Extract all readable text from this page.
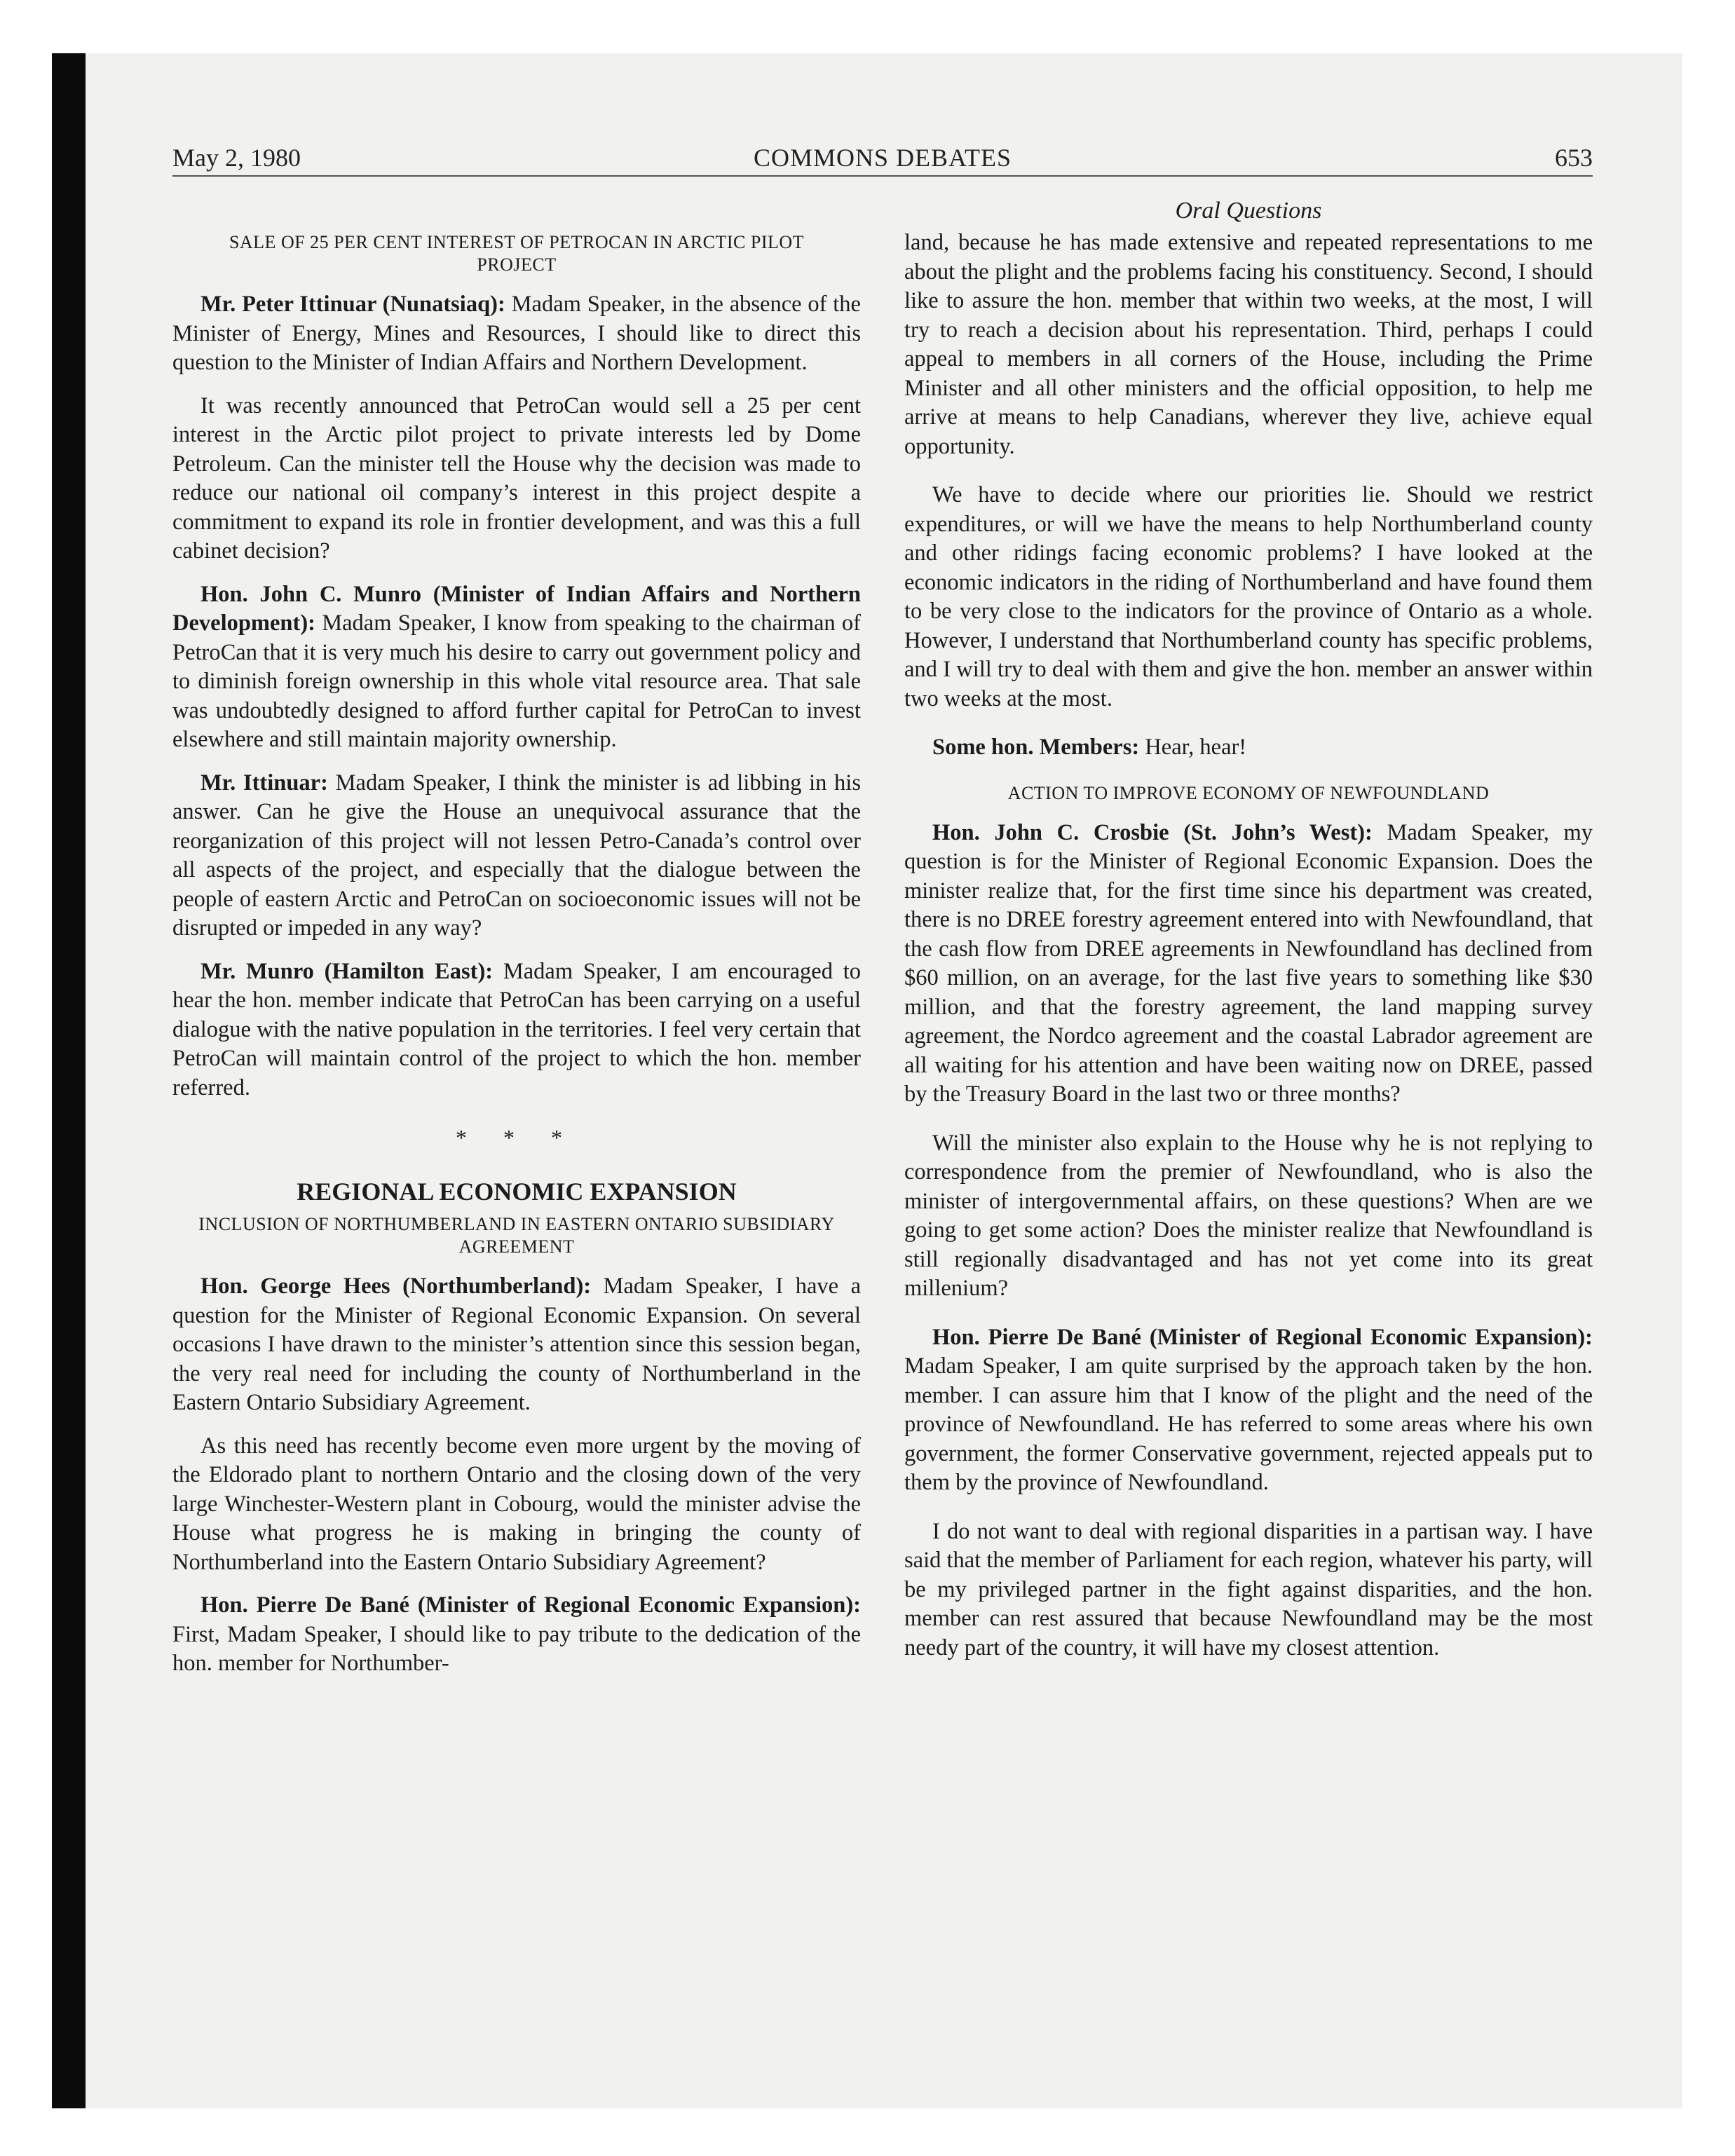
May 2, 1980	COMMONS DEBATES	653
Oral Questions
SALE OF 25 PER CENT INTEREST OF PETROCAN IN ARCTIC PILOT PROJECT

Mr. Peter Ittinuar (Nunatsiaq): Madam Speaker, in the absence of the Minister of Energy, Mines and Resources, I should like to direct this question to the Minister of Indian Affairs and Northern Development.

It was recently announced that PetroCan would sell a 25 per cent interest in the Arctic pilot project to private interests led by Dome Petroleum. Can the minister tell the House why the decision was made to reduce our national oil company’s interest in this project despite a commitment to expand its role in frontier development, and was this a full cabinet decision?

Hon. John C. Munro (Minister of Indian Affairs and Northern Development): Madam Speaker, I know from speaking to the chairman of PetroCan that it is very much his desire to carry out government policy and to diminish foreign ownership in this whole vital resource area. That sale was undoubtedly designed to afford further capital for PetroCan to invest elsewhere and still maintain majority ownership.

Mr. Ittinuar: Madam Speaker, I think the minister is ad libbing in his answer. Can he give the House an unequivocal assurance that the reorganization of this project will not lessen Petro-Canada’s control over all aspects of the project, and especially that the dialogue between the people of eastern Arctic and PetroCan on socioeconomic issues will not be disrupted or impeded in any way?

Mr. Munro (Hamilton East): Madam Speaker, I am encouraged to hear the hon. member indicate that PetroCan has been carrying on a useful dialogue with the native population in the territories. I feel very certain that PetroCan will maintain control of the project to which the hon. member referred.

* * *
REGIONAL ECONOMIC EXPANSION
INCLUSION OF NORTHUMBERLAND IN EASTERN ONTARIO SUBSIDIARY AGREEMENT

Hon. George Hees (Northumberland): Madam Speaker, I have a question for the Minister of Regional Economic Expansion. On several occasions I have drawn to the minister’s attention since this session began, the very real need for including the county of Northumberland in the Eastern Ontario Subsidiary Agreement.

As this need has recently become even more urgent by the moving of the Eldorado plant to northern Ontario and the closing down of the very large Winchester-Western plant in Cobourg, would the minister advise the House what progress he is making in bringing the county of Northumberland into the Eastern Ontario Subsidiary Agreement?

Hon. Pierre De Bané (Minister of Regional Economic Expansion): First, Madam Speaker, I should like to pay tribute to the dedication of the hon. member for Northumber-

land, because he has made extensive and repeated representations to me about the plight and the problems facing his constituency. Second, I should like to assure the hon. member that within two weeks, at the most, I will try to reach a decision about his representation. Third, perhaps I could appeal to members in all corners of the House, including the Prime Minister and all other ministers and the official opposition, to help me arrive at means to help Canadians, wherever they live, achieve equal opportunity.

We have to decide where our priorities lie. Should we restrict expenditures, or will we have the means to help Northumberland county and other ridings facing economic problems? I have looked at the economic indicators in the riding of Northumberland and have found them to be very close to the indicators for the province of Ontario as a whole. However, I understand that Northumberland county has specific problems, and I will try to deal with them and give the hon. member an answer within two weeks at the most.

Some hon. Members: Hear, hear!

ACTION TO IMPROVE ECONOMY OF NEWFOUNDLAND

Hon. John C. Crosbie (St. John’s West): Madam Speaker, my question is for the Minister of Regional Economic Expansion. Does the minister realize that, for the first time since his department was created, there is no DREE forestry agreement entered into with Newfoundland, that the cash flow from DREE agreements in Newfoundland has declined from $60 million, on an average, for the last five years to something like $30 million, and that the forestry agreement, the land mapping survey agreement, the Nordco agreement and the coastal Labrador agreement are all waiting for his attention and have been waiting now on DREE, passed by the Treasury Board in the last two or three months?

Will the minister also explain to the House why he is not replying to correspondence from the premier of Newfoundland, who is also the minister of intergovernmental affairs, on these questions? When are we going to get some action? Does the minister realize that Newfoundland is still regionally disadvantaged and has not yet come into its great millenium?

Hon. Pierre De Bané (Minister of Regional Economic Expansion): Madam Speaker, I am quite surprised by the approach taken by the hon. member. I can assure him that I know of the plight and the need of the province of Newfoundland. He has referred to some areas where his own government, the former Conservative government, rejected appeals put to them by the province of Newfoundland.

I do not want to deal with regional disparities in a partisan way. I have said that the member of Parliament for each region, whatever his party, will be my privileged partner in the fight against disparities, and the hon. member can rest assured that because Newfoundland may be the most needy part of the country, it will have my closest attention.
